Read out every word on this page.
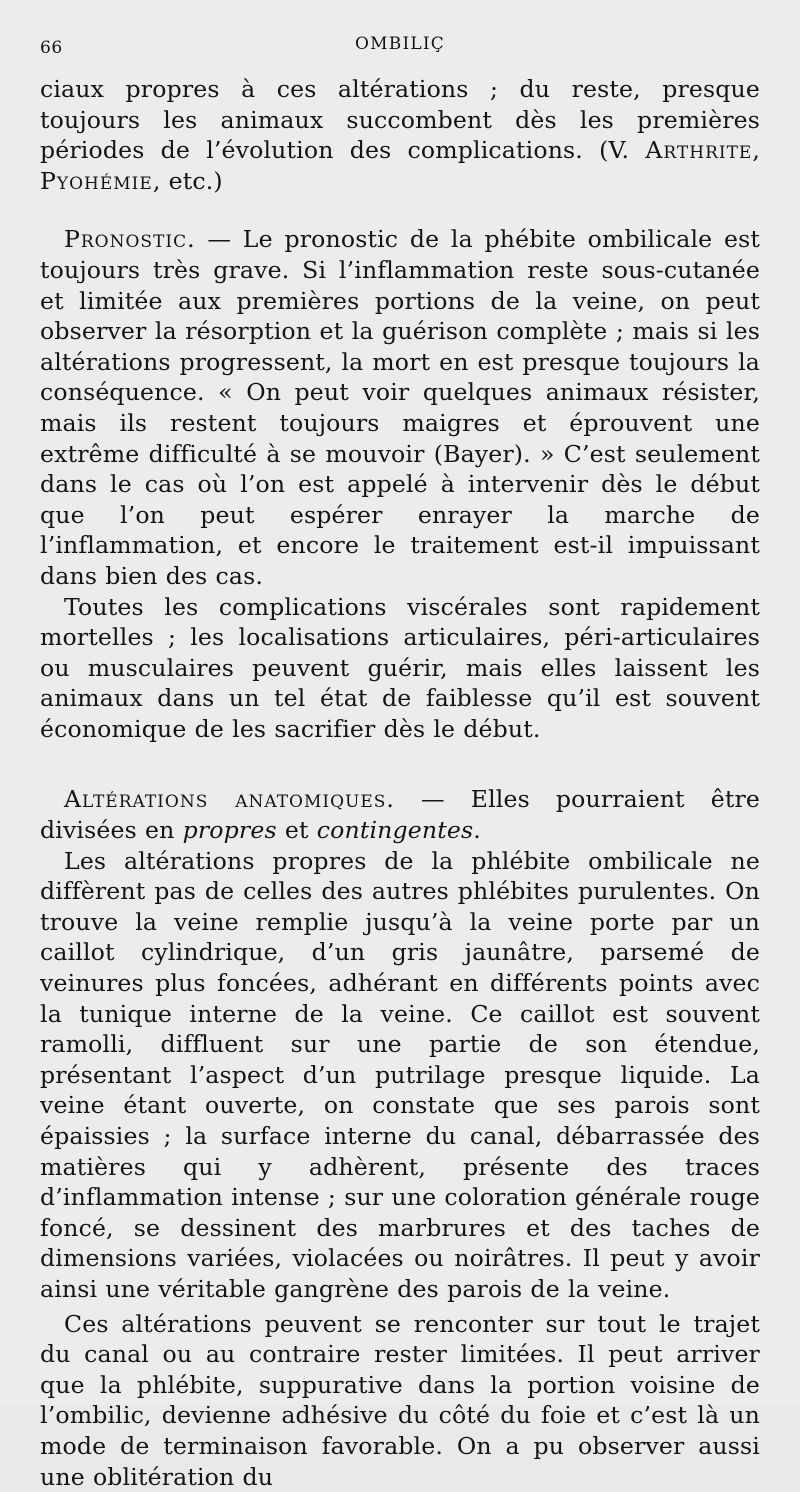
66	OMBILIÇ

ciaux propres à ces altérations ; du reste, presque toujours les animaux succombent dès les premières périodes de l’évolution des complications. (V. Arthrite, Pyohémie, etc.)

Pronostic. — Le pronostic de la phébite ombilicale est toujours très grave. Si l’inflammation reste sous-cutanée et limitée aux premières portions de la veine, on peut observer la résorption et la guérison complète ; mais si les altérations progressent, la mort en est presque toujours la conséquence. « On peut voir quelques animaux résister, mais ils restent toujours maigres et éprouvent une extrême difficulté à se mouvoir (Bayer). » C’est seulement dans le cas où l’on est appelé à intervenir dès le début que l’on peut espérer enrayer la marche de l’inflammation, et encore le traitement est-il impuissant dans bien des cas.

Toutes les complications viscérales sont rapidement mortelles ; les localisations articulaires, péri-articulaires ou musculaires peuvent guérir, mais elles laissent les animaux dans un tel état de faiblesse qu’il est souvent économique de les sacrifier dès le début.

Altérations anatomiques. — Elles pourraient être divisées en propres et contingentes.

Les altérations propres de la phlébite ombilicale ne diffèrent pas de celles des autres phlébites purulentes. On trouve la veine remplie jusqu’à la veine porte par un caillot cylindrique, d’un gris jaunâtre, parsemé de veinures plus foncées, adhérant en différents points avec la tunique interne de la veine. Ce caillot est souvent ramolli, diffluent sur une partie de son étendue, présentant l’aspect d’un putrilage presque liquide. La veine étant ouverte, on constate que ses parois sont épaissies ; la surface interne du canal, débarrassée des matières qui y adhèrent, présente des traces d’inflammation intense ; sur une coloration générale rouge foncé, se dessinent des marbrures et des taches de dimensions variées, violacées ou noirâtres. Il peut y avoir ainsi une véritable gangrène des parois de la veine.

Ces altérations peuvent se renconter sur tout le trajet du canal ou au contraire rester limitées. Il peut arriver que la phlébite, suppurative dans la portion voisine de l’ombilic, devienne adhésive du côté du foie et c’est là un mode de terminaison favorable. On a pu observer aussi une oblitération du
